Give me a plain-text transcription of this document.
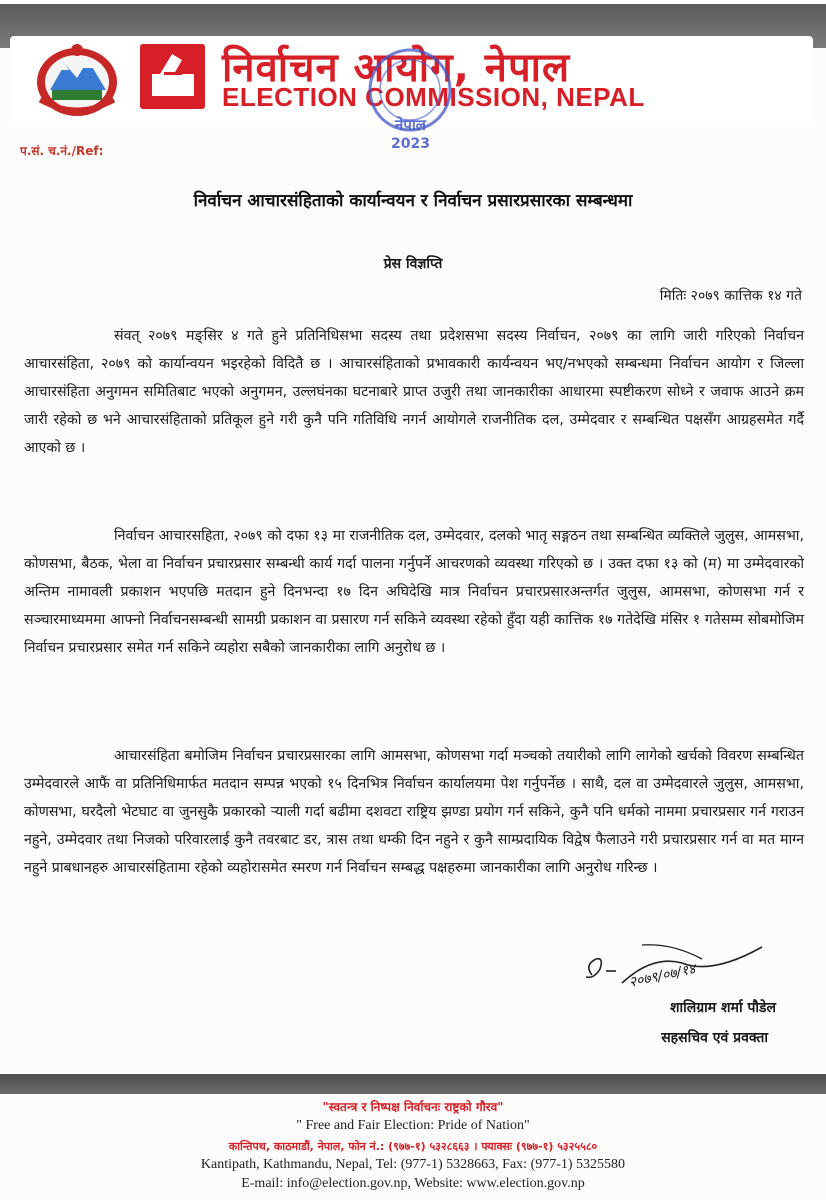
निर्वाचन आयोग, नेपाल
ELECTION COMMISSION, NEPAL
नेपाल
2023
प.सं. च.नं./Ref:
निर्वाचन आचारसंहिताको कार्यान्वयन र निर्वाचन प्रसारप्रसारका सम्बन्धमा
प्रेस विज्ञप्ति
मितिः २०७९ कात्तिक १४ गते

संवत् २०७९ मङ्सिर ४ गते हुने प्रतिनिधिसभा सदस्य तथा प्रदेशसभा सदस्य निर्वाचन, २०७९ का लागि जारी गरिएको निर्वाचन आचारसंहिता, २०७९ को कार्यान्वयन भइरहेको विदितै छ । आचारसंहिताको प्रभावकारी कार्यन्वयन भए/नभएको सम्बन्धमा निर्वाचन आयोग र जिल्ला आचारसंहिता अनुगमन समितिबाट भएको अनुगमन, उल्लघंनका घटनाबारे प्राप्त उजुरी तथा जानकारीका आधारमा स्पष्टीकरण सोध्ने र जवाफ आउने क्रम जारी रहेको छ भने आचारसंहिताको प्रतिकूल हुने गरी कुनै पनि गतिविधि नगर्न आयोगले राजनीतिक दल, उम्मेदवार र सम्बन्धित पक्षसँग आग्रहसमेत गर्दै आएको छ ।

निर्वाचन आचारसहिता, २०७९ को दफा १३ मा राजनीतिक दल, उम्मेदवार, दलको भातृ सङ्गठन तथा सम्बन्धित व्यक्तिले जुलुस, आमसभा, कोणसभा, बैठक, भेला वा निर्वाचन प्रचारप्रसार सम्बन्धी कार्य गर्दा पालना गर्नुपर्ने आचरणको व्यवस्था गरिएको छ । उक्त दफा १३ को (म) मा उम्मेदवारको अन्तिम नामावली प्रकाशन भएपछि मतदान हुने दिनभन्दा १७ दिन अघिदेखि मात्र निर्वाचन प्रचारप्रसारअन्तर्गत जुलुस, आमसभा, कोणसभा गर्न र सञ्चारमाध्यममा आफ्नो निर्वाचनसम्बन्धी सामग्री प्रकाशन वा प्रसारण गर्न सकिने व्यवस्था रहेको हुँदा यही कात्तिक १७ गतेदेखि मंसिर १ गतेसम्म सोबमोजिम निर्वाचन प्रचारप्रसार समेत गर्न सकिने व्यहोरा सबैको जानकारीका लागि अनुरोध छ ।

आचारसंहिता बमोजिम निर्वाचन प्रचारप्रसारका लागि आमसभा, कोणसभा गर्दा मञ्चको तयारीको लागि लागेको खर्चको विवरण सम्बन्धित उम्मेदवारले आफैं वा प्रतिनिधिमार्फत मतदान सम्पन्न भएको १५ दिनभित्र निर्वाचन कार्यालयमा पेश गर्नुपर्नेछ । साथै, दल वा उम्मेदवारले जुलुस, आमसभा, कोणसभा, घरदैलो भेटघाट वा जुनसुकै प्रकारको र्‍याली गर्दा बढीमा दशवटा राष्ट्रिय झण्डा प्रयोग गर्न सकिने, कुनै पनि धर्मको नाममा प्रचारप्रसार गर्न गराउन नहुने, उम्मेदवार तथा निजको परिवारलाई कुनै तवरबाट डर, त्रास तथा धम्की दिन नहुने र कुनै साम्प्रदायिक विद्वेष फैलाउने गरी प्रचारप्रसार गर्न वा मत माग्न नहुने प्राबधानहरु आचारसंहितामा रहेको व्यहोरासमेत स्मरण गर्न निर्वाचन सम्बद्ध पक्षहरुमा जानकारीका लागि अनुरोध गरिन्छ ।

२०७९/०७/१४
शालिग्राम शर्मा पौडेल
सहसचिव एवं प्रवक्ता
"स्वतन्त्र र निष्पक्ष निर्वाचनः राष्ट्रको गौरव"
" Free and Fair Election: Pride of Nation"
कान्तिपथ, काठमाडौं, नेपाल, फोन नं.: (९७७-१) ५३२८६६३ । फ्याक्सः (९७७-१) ५३२५५८०
Kantipath, Kathmandu, Nepal, Tel: (977-1) 5328663, Fax: (977-1) 5325580
E-mail: info@election.gov.np, Website: www.election.gov.np
